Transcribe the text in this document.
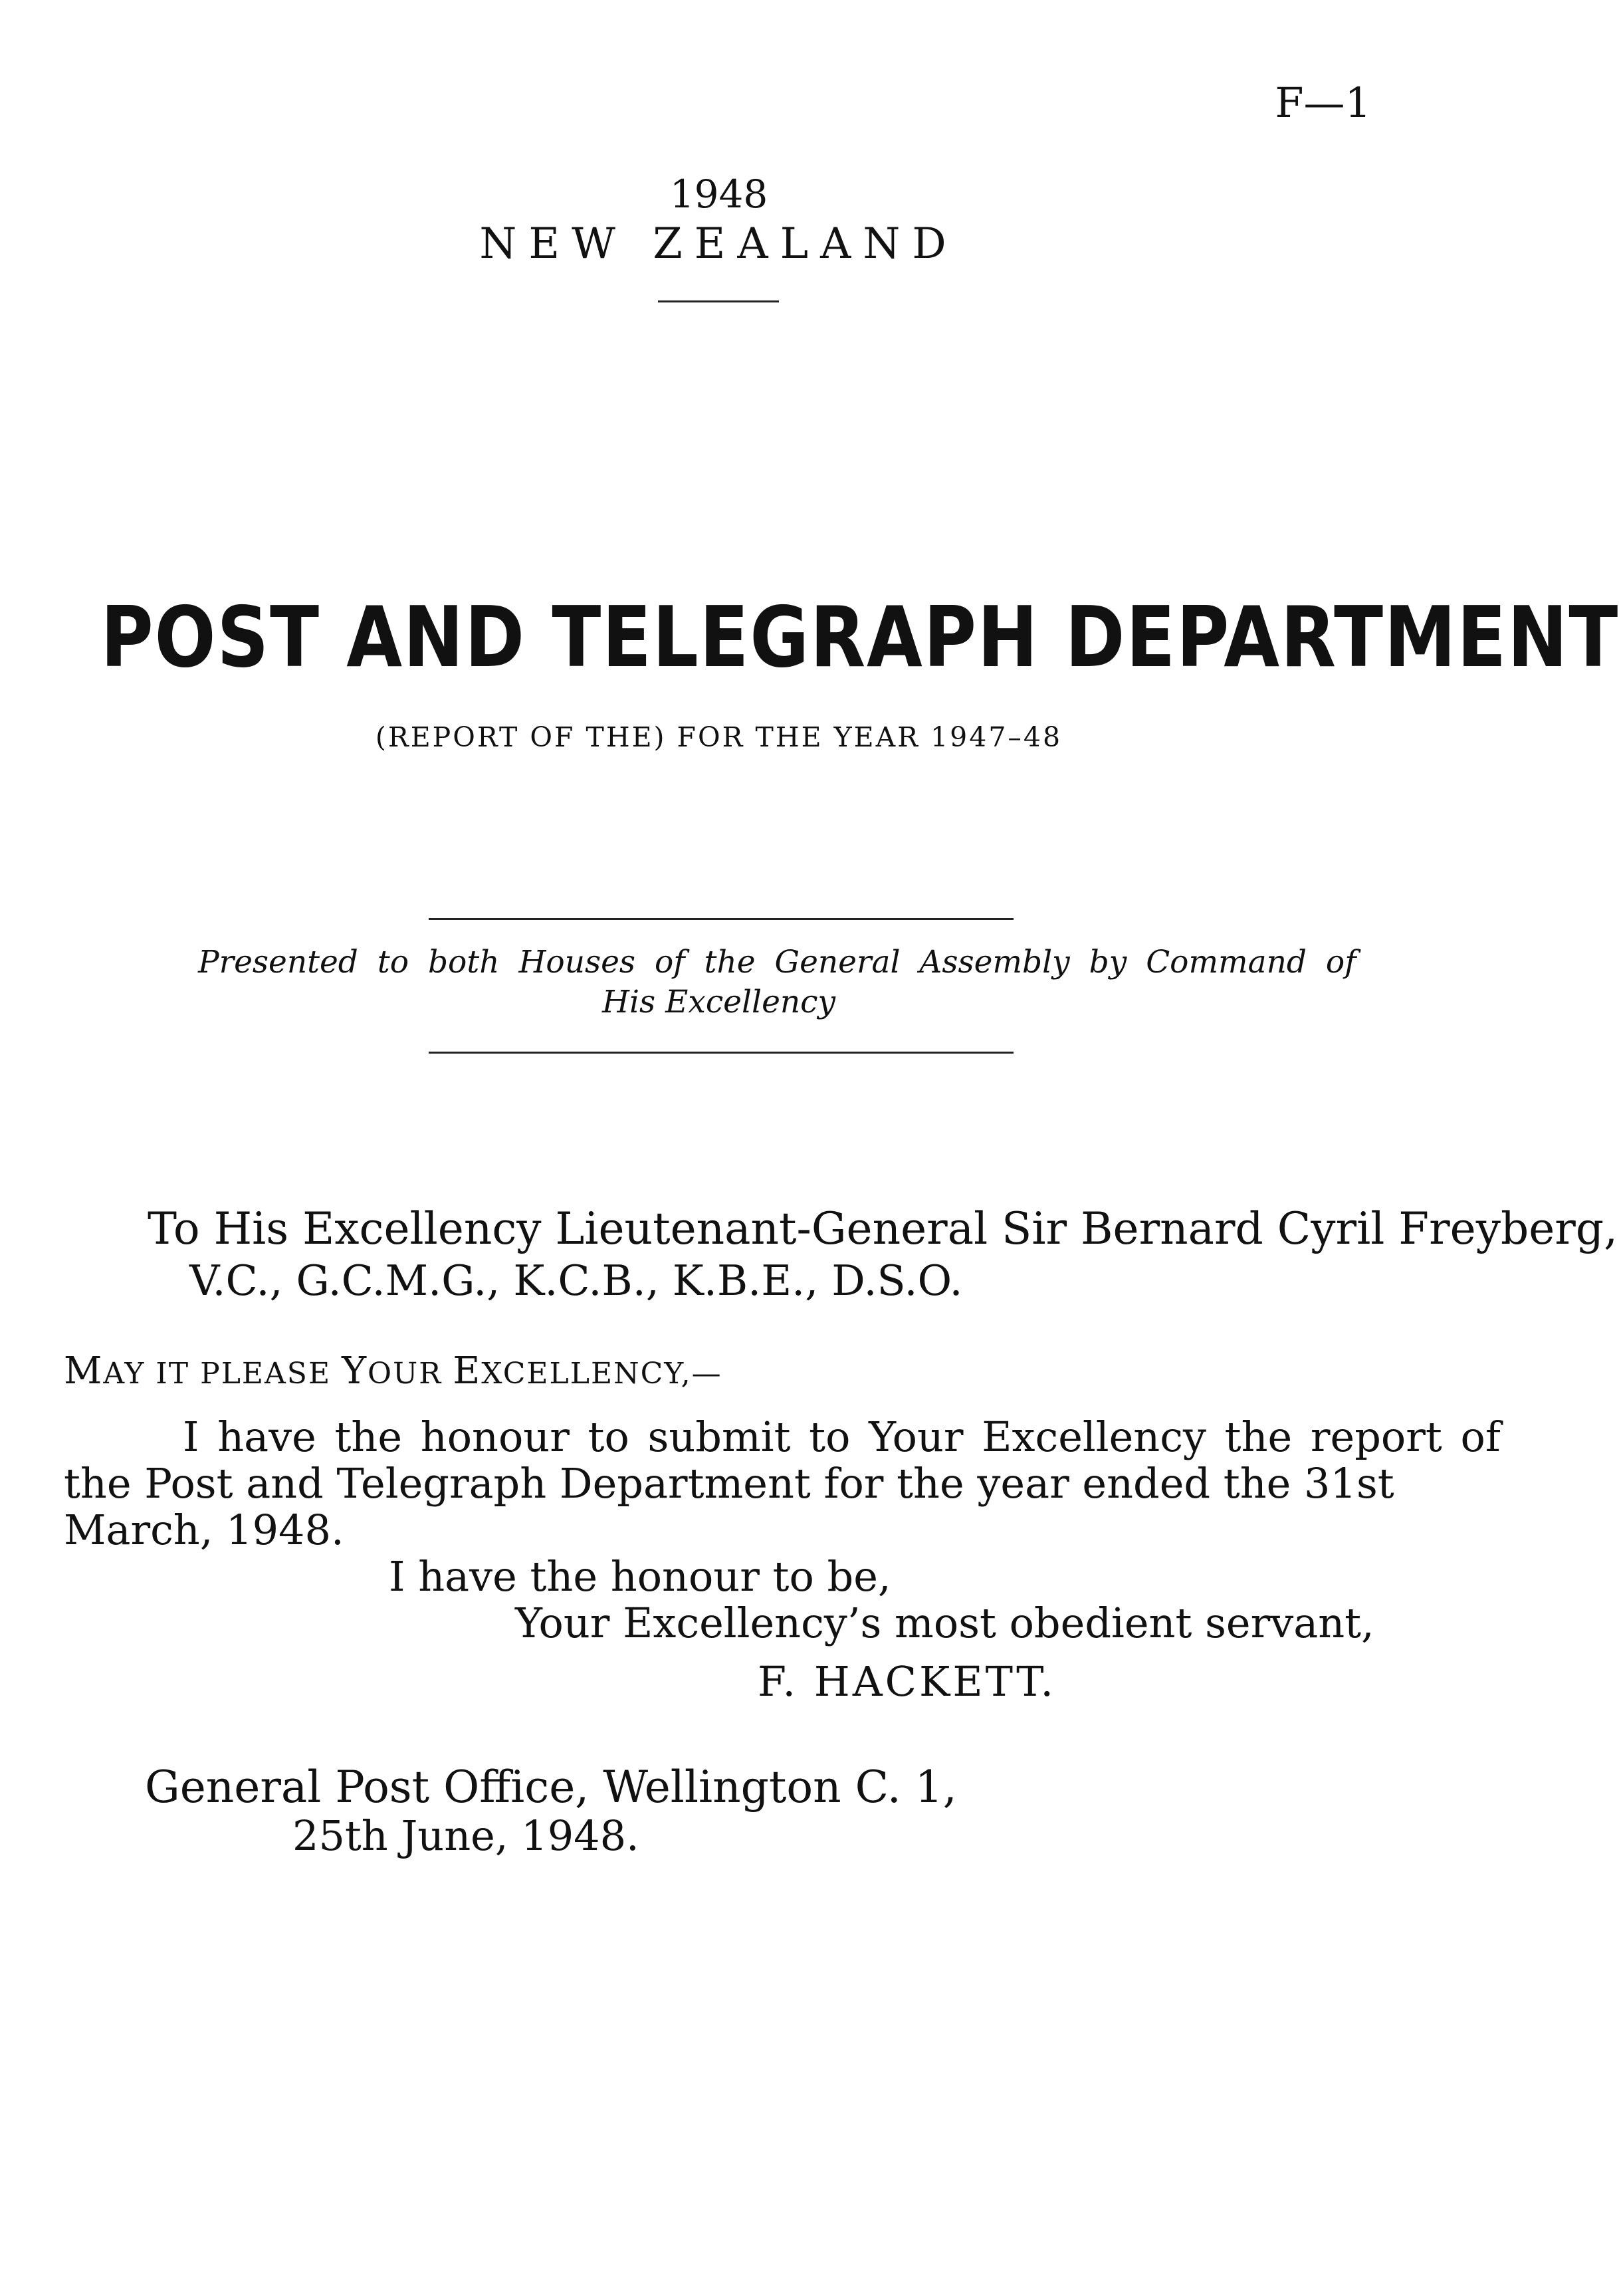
F—1
1948
NEW ZEALAND
POST AND TELEGRAPH DEPARTMENT
(REPORT OF THE) FOR THE YEAR 1947–48
Presented to both Houses of the General Assembly by Command of
His Excellency
To His Excellency Lieutenant-General Sir Bernard Cyril Freyberg,
V.C., G.C.M.G., K.C.B., K.B.E., D.S.O.
MAY IT PLEASE YOUR EXCELLENCY,—
I have the honour to submit to Your Excellency the report of
the Post and Telegraph Department for the year ended the 31st
March, 1948.
I have the honour to be,
Your Excellency’s most obedient servant,
F. HACKETT.
General Post Office, Wellington C. 1,
25th June, 1948.
